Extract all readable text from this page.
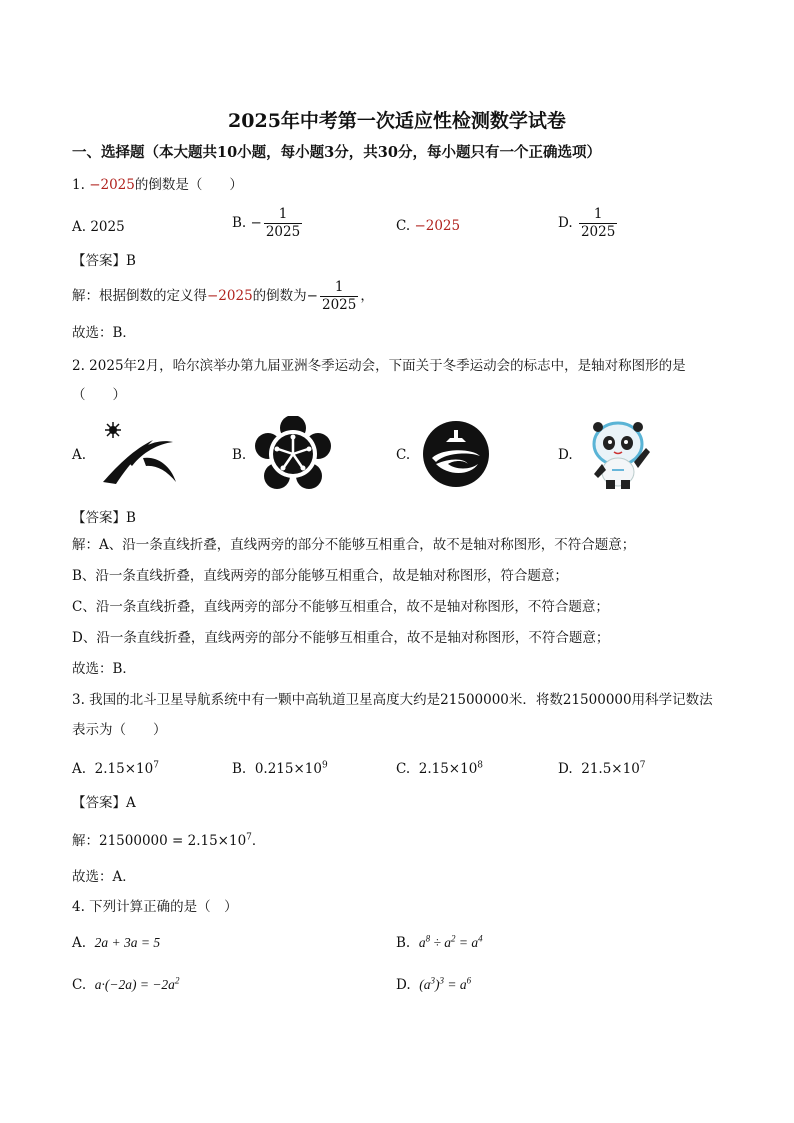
2025年中考第一次适应性检测数学试卷
一、选择题（本大题共10小题，每小题3分，共30分，每小题只有一个正确选项）
1. −2025的倒数是（　　）
A. 2025	B. − $\frac{1}{2025}$	C. −2025	D. $\frac{1}{2025}$
【答案】B
解：根据倒数的定义得−2025的倒数为− $\frac{1}{2025}$ ，
故选：B．
2. 2025年2月，哈尔滨举办第九届亚洲冬季运动会，下面关于冬季运动会的标志中，是轴对称图形的是
（　　）
A.	B.	C.	D.
【答案】B
解：A、沿一条直线折叠，直线两旁的部分不能够互相重合，故不是轴对称图形，不符合题意；
B、沿一条直线折叠，直线两旁的部分能够互相重合，故是轴对称图形，符合题意；
C、沿一条直线折叠，直线两旁的部分不能够互相重合，故不是轴对称图形，不符合题意；
D、沿一条直线折叠，直线两旁的部分不能够互相重合，故不是轴对称图形，不符合题意；
故选：B．
3. 我国的北斗卫星导航系统中有一颗中高轨道卫星高度大约是21500000米．将数21500000用科学记数法
表示为（　　）
A. $2.15\times 10^7$	B. $0.215\times 10^9$	C. $2.15\times 10^8$	D. $21.5\times 10^7$
【答案】A
解：$21500000 = 2.15\times 10^7$．
故选：A．
4. 下列计算正确的是（　）
A. 2a + 3a = 5	B. $a^8 \div a^2 = a^4$
C. $a\cdot(-2a) = -2a^2$	D. $(a^3)^3 = a^6$
